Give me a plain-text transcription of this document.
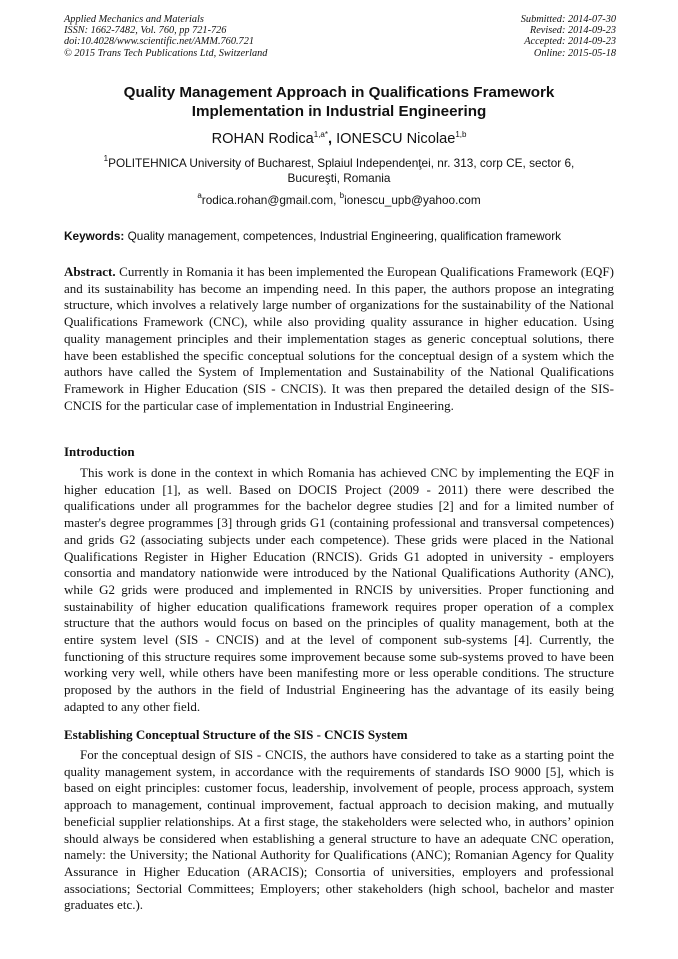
Applied Mechanics and Materials
ISSN: 1662-7482, Vol. 760, pp 721-726
doi:10.4028/www.scientific.net/AMM.760.721
© 2015 Trans Tech Publications Ltd, Switzerland
Submitted: 2014-07-30
Revised: 2014-09-23
Accepted: 2014-09-23
Online: 2015-05-18
Quality Management Approach in Qualifications Framework
Implementation in Industrial Engineering
ROHAN Rodica$^{1,a*}$, IONESCU Nicolae$^{1,b}$
$^1$POLITEHNICA University of Bucharest, Splaiul Independenţei, nr. 313, corp CE, sector 6,
Bucureşti, Romania
$^a$rodica.rohan@gmail.com, $^b$ionescu_upb@yahoo.com
Keywords: Quality management, competences, Industrial Engineering, qualification framework
Abstract. Currently in Romania it has been implemented the European Qualifications Framework (EQF) and its sustainability has become an impending need. In this paper, the authors propose an integrating structure, which involves a relatively large number of organizations for the sustainability of the National Qualifications Framework (CNC), while also providing quality assurance in higher education. Using quality management principles and their implementation stages as generic conceptual solutions, there have been established the specific conceptual solutions for the conceptual design of a system which the authors have called the System of Implementation and Sustainability of the National Qualifications Framework in Higher Education (SIS - CNCIS). It was then prepared the detailed design of the SIS-CNCIS for the particular case of implementation in Industrial Engineering.
Introduction
This work is done in the context in which Romania has achieved CNC by implementing the EQF in higher education [1], as well. Based on DOCIS Project (2009 - 2011) there were described the qualifications under all programmes for the bachelor degree studies [2] and for a limited number of master's degree programmes [3] through grids G1 (containing professional and transversal competences) and grids G2 (associating subjects under each competence). These grids were placed in the National Qualifications Register in Higher Education (RNCIS). Grids G1 adopted in university - employers consortia and mandatory nationwide were introduced by the National Qualifications Authority (ANC), while G2 grids were produced and implemented in RNCIS by universities. Proper functioning and sustainability of higher education qualifications framework requires proper operation of a complex structure that the authors would focus on based on the principles of quality management, both at the entire system level (SIS - CNCIS) and at the level of component sub-systems [4]. Currently, the functioning of this structure requires some improvement because some sub-systems proved to have been working very well, while others have been manifesting more or less operable conditions. The structure proposed by the authors in the field of Industrial Engineering has the advantage of its easily being adapted to any other field.
Establishing Conceptual Structure of the SIS - CNCIS System
For the conceptual design of SIS - CNCIS, the authors have considered to take as a starting point the quality management system, in accordance with the requirements of standards ISO 9000 [5], which is based on eight principles: customer focus, leadership, involvement of people, process approach, system approach to management, continual improvement, factual approach to decision making, and mutually beneficial supplier relationships. At a first stage, the stakeholders were selected who, in authors’ opinion should always be considered when establishing a general structure to have an adequate CNC operation, namely: the University; the National Authority for Qualifications (ANC); Romanian Agency for Quality Assurance in Higher Education (ARACIS); Consortia of universities, employers and professional associations; Sectorial Committees; Employers; other stakeholders (high school, bachelor and master graduates etc.).
